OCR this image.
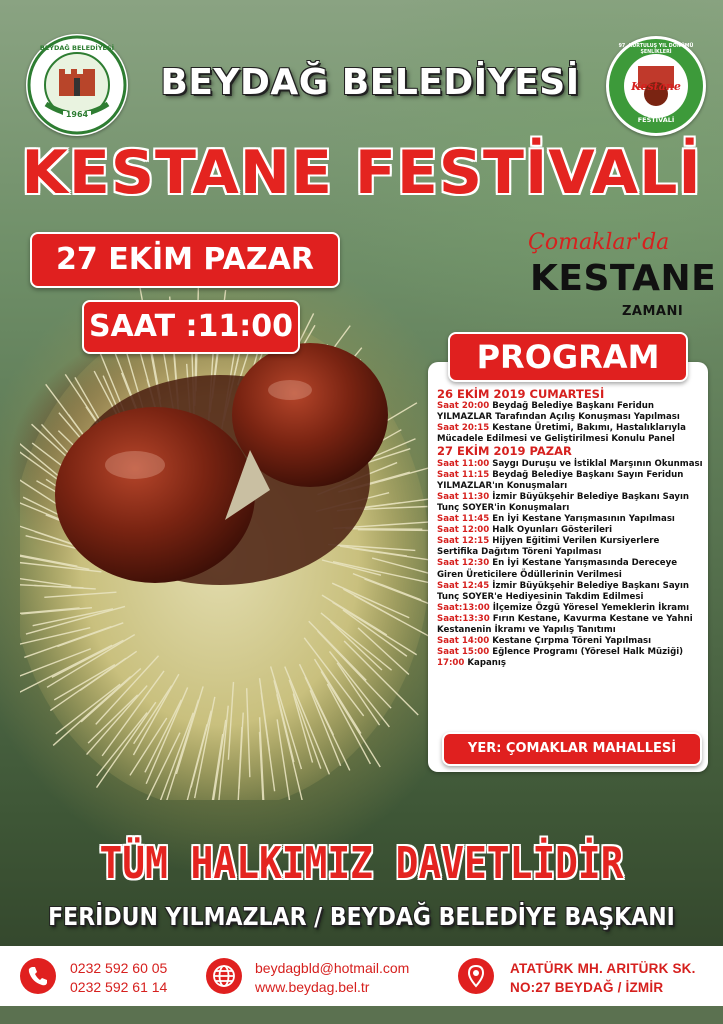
1964
BEYDAĞ BELEDİYESİ
Kestane
FESTİVALİ
97. KURTULUŞ YIL DÖNÜMÜ ŞENLİKLERİ
BEYDAĞ BELEDİYESİ
KESTANE FESTİVALİ
27 EKİM PAZAR
SAAT :11:00
Çomaklar'da
KESTANE
ZAMANI
PROGRAM
26 EKİM 2019 CUMARTESİ
Saat 20:00 Beydağ Belediye Başkanı Feridun YILMAZLAR Tarafından Açılış Konuşması Yapılması
Saat 20:15 Kestane Üretimi, Bakımı, Hastalıklarıyla Mücadele Edilmesi ve Geliştirilmesi Konulu Panel
27 EKİM 2019 PAZAR
Saat 11:00 Saygı Duruşu ve İstiklal Marşının Okunması
Saat 11:15 Beydağ Belediye Başkanı Sayın Feridun YILMAZLAR'ın Konuşmaları
Saat 11:30 İzmir Büyükşehir Belediye Başkanı Sayın Tunç SOYER'in Konuşmaları
Saat 11:45 En İyi Kestane Yarışmasının Yapılması
Saat 12:00 Halk Oyunları Gösterileri
Saat 12:15 Hijyen Eğitimi Verilen Kursiyerlere Sertifika Dağıtım Töreni Yapılması
Saat 12:30 En İyi Kestane Yarışmasında Dereceye Giren Üreticilere Ödüllerinin Verilmesi
Saat 12:45 İzmir Büyükşehir Belediye Başkanı Sayın Tunç SOYER'e Hediyesinin Takdim Edilmesi
Saat:13:00 İlçemize Özgü Yöresel Yemeklerin İkramı
Saat:13:30 Fırın Kestane, Kavurma Kestane ve Yahni Kestanenin İkramı ve Yapılış Tanıtımı
Saat 14:00 Kestane Çırpma Töreni Yapılması
Saat 15:00 Eğlence Programı (Yöresel Halk Müziği)
17:00 Kapanış
YER: ÇOMAKLAR MAHALLESİ
TÜM HALKIMIZ DAVETLİDİR
FERİDUN YILMAZLAR / BEYDAĞ BELEDİYE BAŞKANI
0232 592 60 05
0232 592 61 14
beydagbld@hotmail.com
www.beydag.bel.tr
ATATÜRK MH. ARITÜRK SK.
NO:27 BEYDAĞ / İZMİR
